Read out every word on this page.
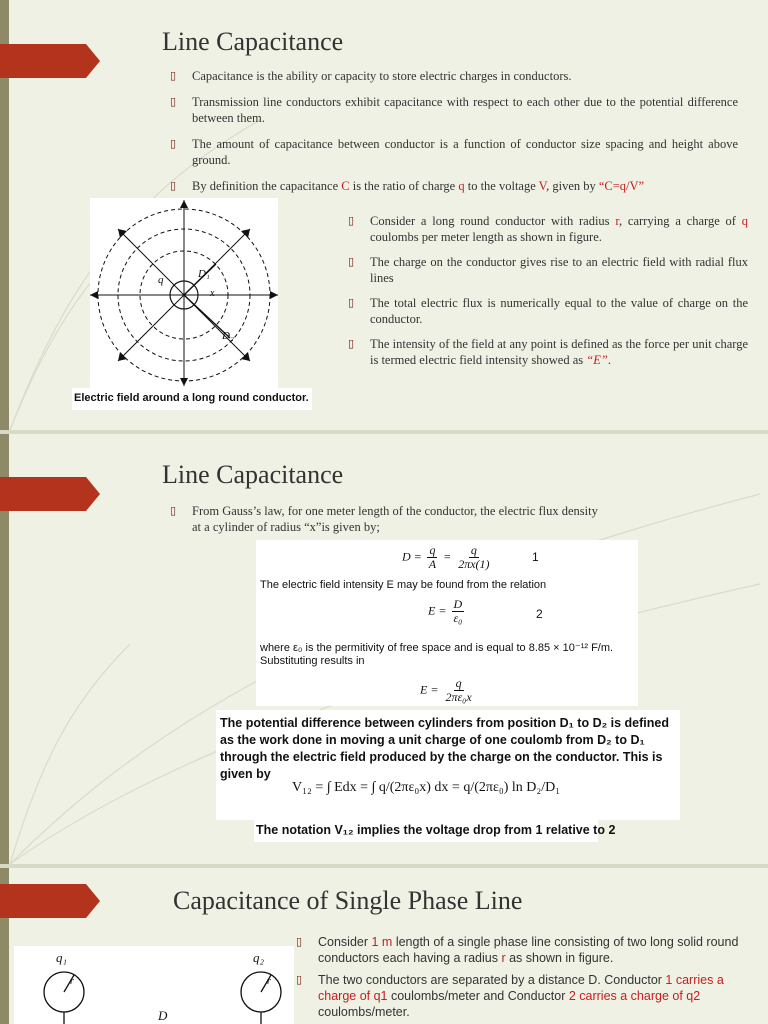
Line Capacitance
▯ Capacitance is the ability or capacity to store electric charges in conductors.
▯ Transmission line conductors exhibit capacitance with respect to each other due to the potential difference between them.
▯ The amount of capacitance between conductor is a function of conductor size spacing and height above ground.
▯ By definition the capacitance C is the ratio of charge q to the voltage V, given by “C=q/V”
q	D₁
D₂
x
Electric field around a long round conductor.
▯ Consider a long round conductor with radius r, carrying a charge of q coulombs per meter length as shown in figure.
▯ The charge on the conductor gives rise to an electric field with radial flux lines
▯ The total electric flux is numerically equal to the value of charge on the conductor.
▯ The intensity of the field at any point is defined as the force per unit charge is termed electric field intensity showed as “E”.
Line Capacitance
▯ From Gauss’s law, for one meter length of the conductor, the electric flux density at a cylinder of radius “x”is given by;
$D = \frac{q}{A} = \frac{q}{2\pi x(1)}$	1
The electric field intensity E may be found from the relation
$E = \frac{D}{\text{ε₀}}$	2
where ε₀ is the permitivity of free space and is equal to 8.85 × 10⁻¹² F/m.
Substituting results in
$E = \frac{q}{\text{2πε₀x}}$
The potential difference between cylinders from position D₁ to D₂ is defined as the work done in moving a unit charge of one coulomb from D₂ to D₁ through the electric field produced by the charge on the conductor. This is given by
V₁₂ = ∫ Edx = ∫ q/(2πε₀x) dx = q/(2πε₀) ln D₂/D₁
The notation V₁₂ implies the voltage drop from 1 relative to 2
Capacitance of Single Phase Line
q₁	q₂
r	r
D
▯ Consider 1 m length of a single phase line consisting of two long solid round conductors each having a radius r as shown in figure.
▯ The two conductors are separated by a distance D. Conductor 1 carries a charge of q1 coulombs/meter and Conductor 2 carries a charge of q2 coulombs/meter.
